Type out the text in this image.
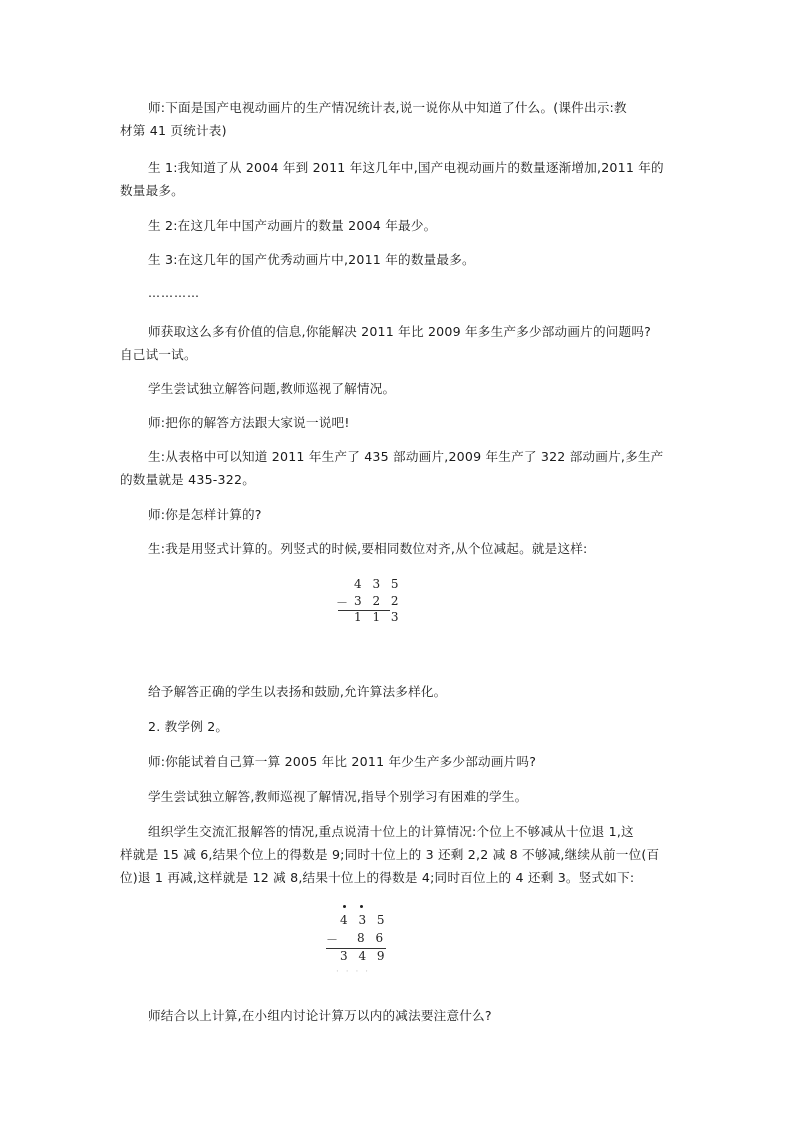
师:下面是国产电视动画片的生产情况统计表,说一说你从中知道了什么。(课件出示:教
材第 41 页统计表)

生 1:我知道了从 2004 年到 2011 年这几年中,国产电视动画片的数量逐渐增加,2011 年的
数量最多。

生 2:在这几年中国产动画片的数量 2004 年最少。

生 3:在这几年的国产优秀动画片中,2011 年的数量最多。

…………

师获取这么多有价值的信息,你能解决 2011 年比 2009 年多生产多少部动画片的问题吗?
自己试一试。

学生尝试独立解答问题,教师巡视了解情况。

师:把你的解答方法跟大家说一说吧!

生:从表格中可以知道 2011 年生产了 435 部动画片,2009 年生产了 322 部动画片,多生产
的数量就是 435-322。

师:你是怎样计算的?

生:我是用竖式计算的。列竖式的时候,要相同数位对齐,从个位减起。就是这样:

4 3 5
－ 3 2 2
1 1 3

给予解答正确的学生以表扬和鼓励,允许算法多样化。

2. 教学例 2。

师:你能试着自己算一算 2005 年比 2011 年少生产多少部动画片吗?

学生尝试独立解答,教师巡视了解情况,指导个别学习有困难的学生。

组织学生交流汇报解答的情况,重点说清十位上的计算情况:个位上不够减从十位退 1,这
样就是 15 减 6,结果个位上的得数是 9;同时十位上的 3 还剩 2,2 减 8 不够减,继续从前一位(百
位)退 1 再减,这样就是 12 减 8,结果十位上的得数是 4;同时百位上的 4 还剩 3。竖式如下:

4 3 5
－ 8 6
3 4 9
· · · ·

师结合以上计算,在小组内讨论计算万以内的减法要注意什么?
